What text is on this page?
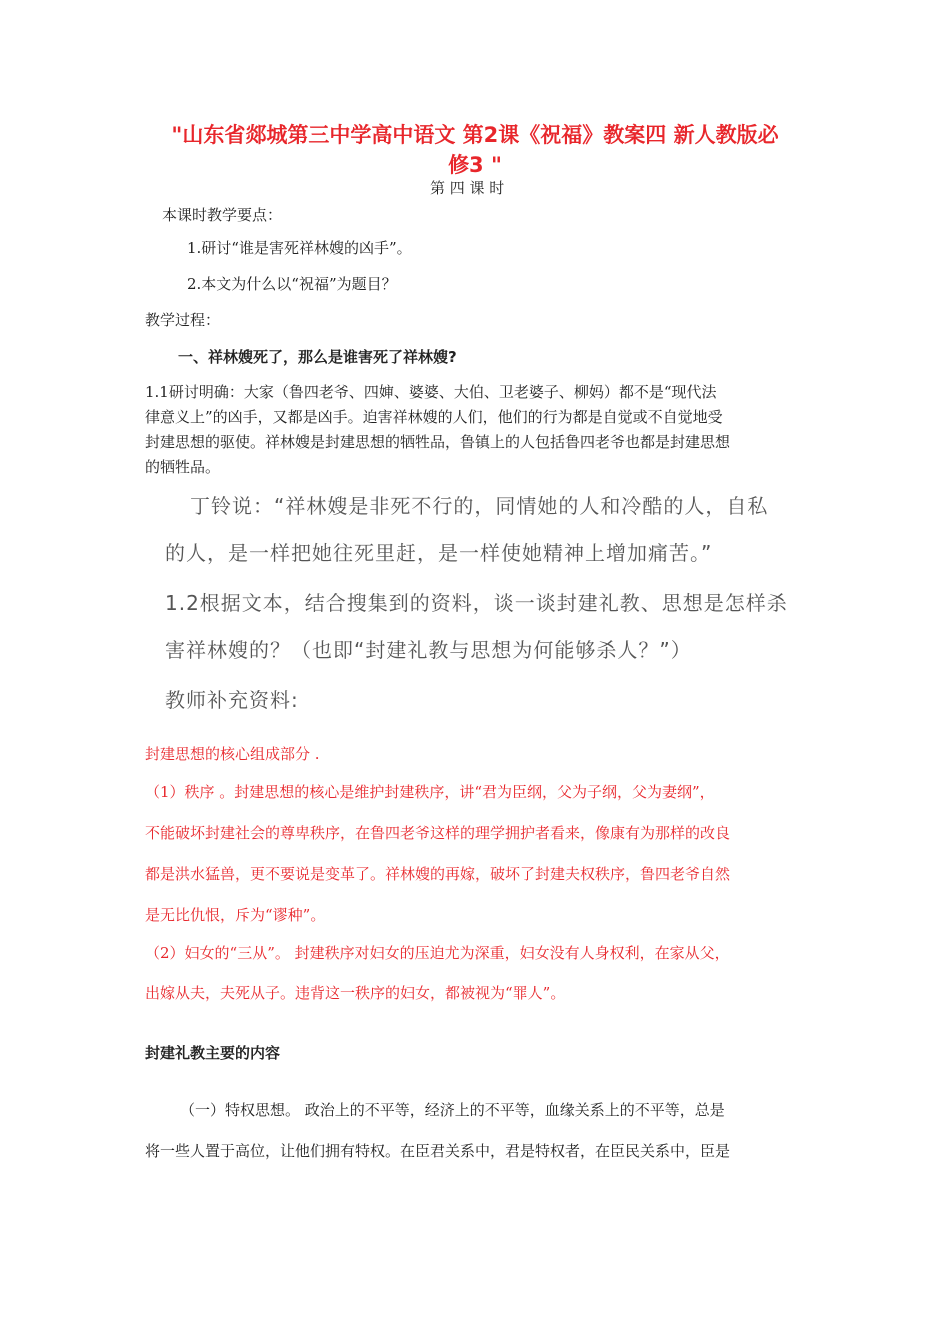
"山东省郯城第三中学高中语文 第2课《祝福》教案四 新人教版必
修3 "
第 四 课 时
本课时教学要点：
1.研讨“谁是害死祥林嫂的凶手”。
2.本文为什么以“祝福”为题目？
教学过程：
一、祥林嫂死了，那么是谁害死了祥林嫂?
1.1研讨明确：大家（鲁四老爷、四婶、婆婆、大伯、卫老婆子、柳妈）都不是“现代法
律意义上”的凶手，又都是凶手。迫害祥林嫂的人们，他们的行为都是自觉或不自觉地受
封建思想的驱使。祥林嫂是封建思想的牺牲品，鲁镇上的人包括鲁四老爷也都是封建思想
的牺牲品。
丁铃说：“祥林嫂是非死不行的，同情她的人和冷酷的人，自私
的人，是一样把她往死里赶，是一样使她精神上增加痛苦。”
1.2根据文本，结合搜集到的资料，谈一谈封建礼教、思想是怎样杀
害祥林嫂的？（也即“封建礼教与思想为何能够杀人？”）
教师补充资料:
封建思想的核心组成部分 .
（1）秩序 。封建思想的核心是维护封建秩序，讲“君为臣纲，父为子纲，父为妻纲”，
不能破坏封建社会的尊卑秩序，在鲁四老爷这样的理学拥护者看来，像康有为那样的改良
都是洪水猛兽，更不要说是变革了。祥林嫂的再嫁，破坏了封建夫权秩序，鲁四老爷自然
是无比仇恨，斥为“谬种”。
（2）妇女的“三从”。 封建秩序对妇女的压迫尤为深重，妇女没有人身权利，在家从父，
出嫁从夫，夫死从子。违背这一秩序的妇女，都被视为“罪人”。
封建礼教主要的内容
（一）特权思想。 政治上的不平等，经济上的不平等，血缘关系上的不平等，总是
将一些人置于高位，让他们拥有特权。在臣君关系中，君是特权者，在臣民关系中，臣是
